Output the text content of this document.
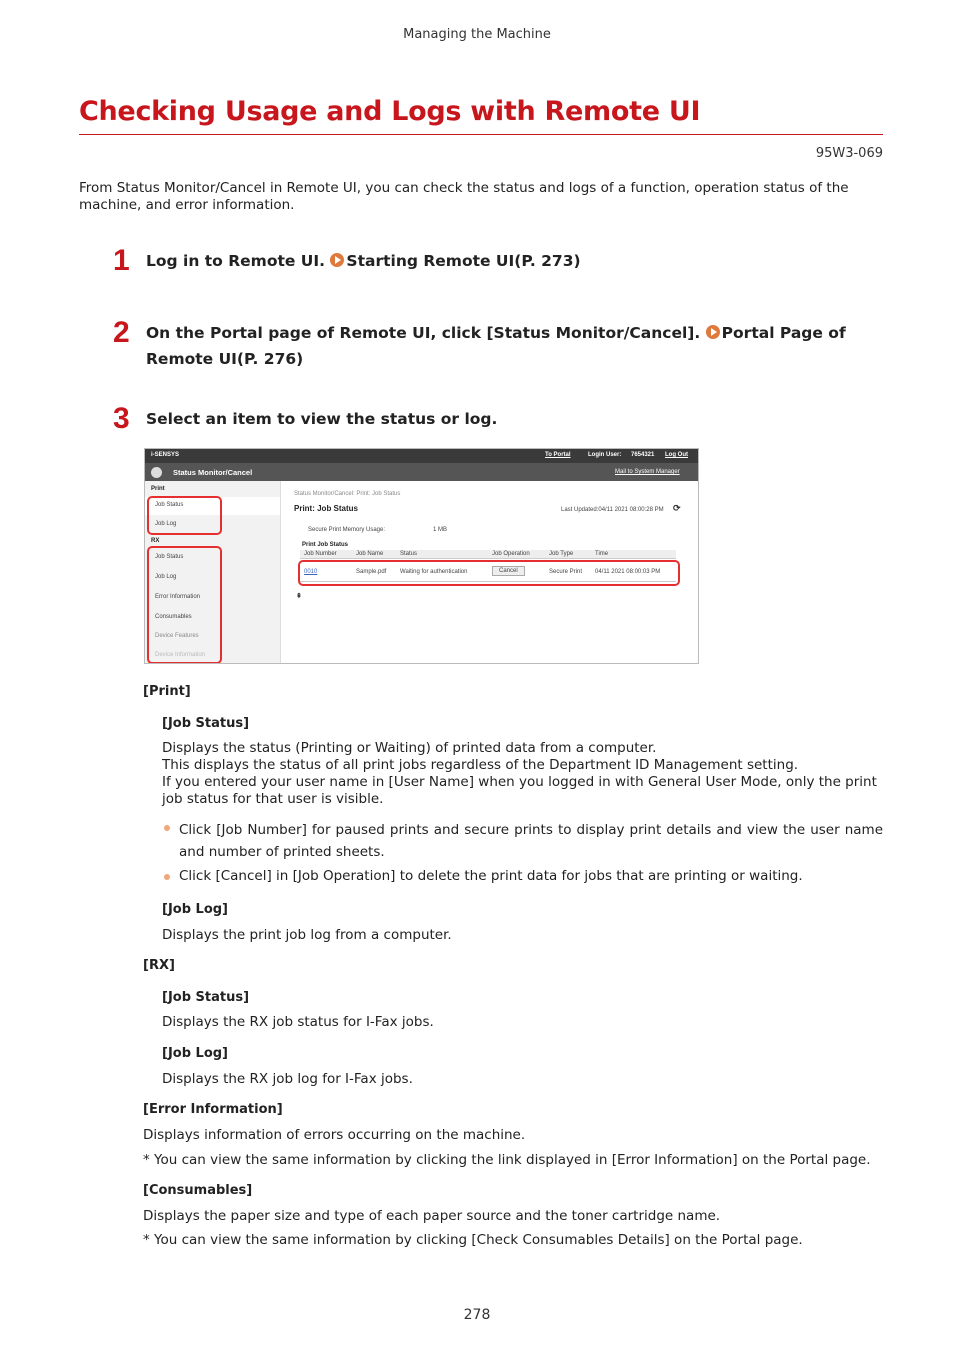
Managing the Machine
Checking Usage and Logs with Remote UI
95W3-069

From Status Monitor/Cancel in Remote UI, you can check the status and logs of a function, operation status of the machine, and error information.

1 Log in to Remote UI. Starting Remote UI(P. 273)
2 On the Portal page of Remote UI, click [Status Monitor/Cancel]. Portal Page of Remote UI(P. 276)
3 Select an item to view the status or log.
i-SENSYS	To Portal	Login User: 7654321 Log Out
Status Monitor/Cancel	Mail to System Manager
Print
Job Status
Job Log
RX
Job Status
Job Log
Error Information
Consumables
Device Features
Device Information
Status Monitor/Cancel: Print: Job Status
Print: Job Status	Last Updated:04/11 2021 08:00:28 PM ⟳
Secure Print Memory Usage:	1 MB
Print Job Status
Job Number	Job Name	Status	Job Operation	Job Type	Time
0010	Sample.pdf Waiting for authentication	Cancel	Secure Print 04/11 2021 08:00:03 PM
⇞
[Print]
[Job Status]
Displays the status (Printing or Waiting) of printed data from a computer.
This displays the status of all print jobs regardless of the Department ID Management setting.
If you entered your user name in [User Name] when you logged in with General User Mode, only the print job status for that user is visible.
Click [Job Number] for paused prints and secure prints to display print details and view the user name and number of printed sheets.
Click [Cancel] in [Job Operation] to delete the print data for jobs that are printing or waiting.
[Job Log]
Displays the print job log from a computer.
[RX]
[Job Status]
Displays the RX job status for I-Fax jobs.
[Job Log]
Displays the RX job log for I-Fax jobs.
[Error Information]
Displays information of errors occurring on the machine.
* You can view the same information by clicking the link displayed in [Error Information] on the Portal page.
[Consumables]
Displays the paper size and type of each paper source and the toner cartridge name.
* You can view the same information by clicking [Check Consumables Details] on the Portal page.
278
